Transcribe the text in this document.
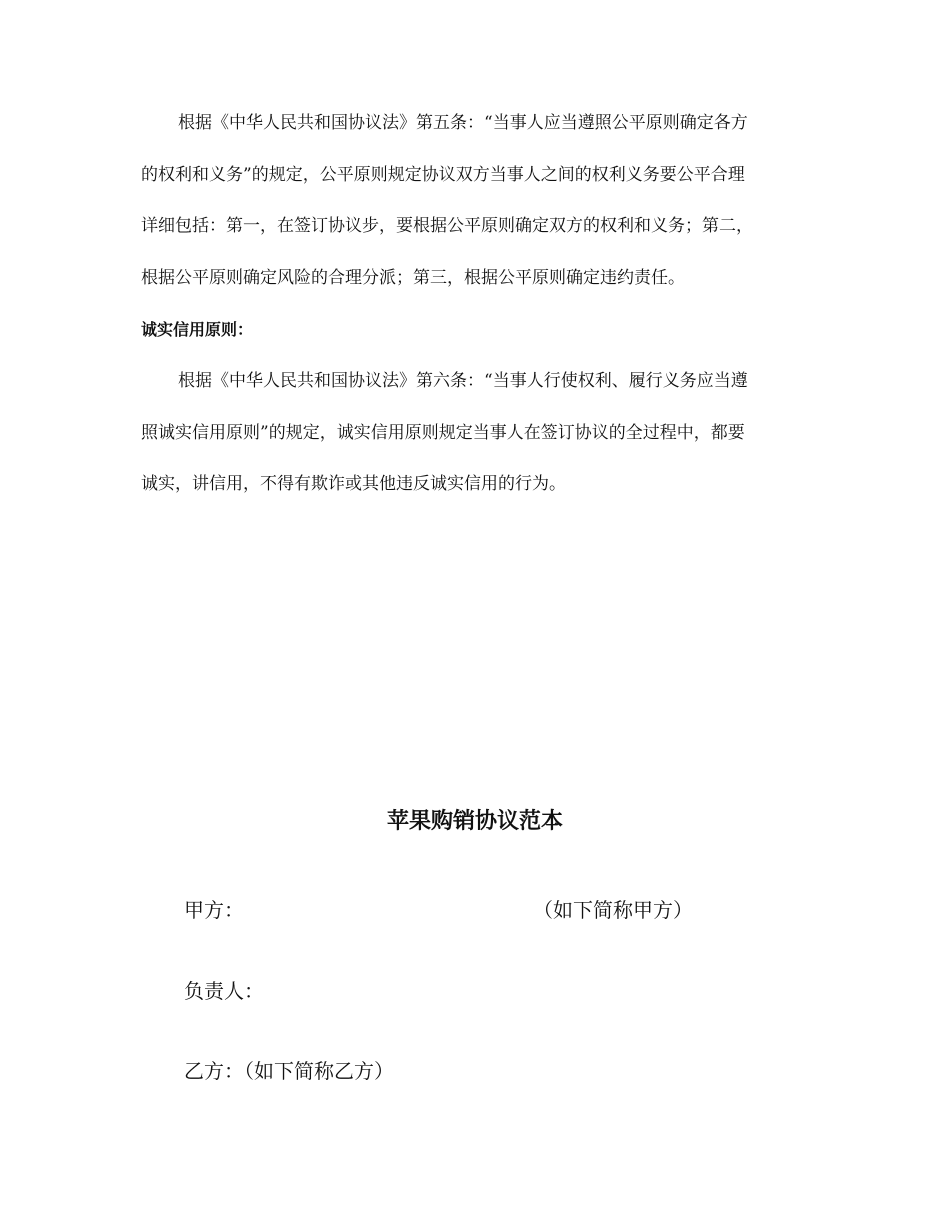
根据《中华人民共和国协议法》第五条：“当事人应当遵照公平原则确定各方
的权利和义务”的规定，公平原则规定协议双方当事人之间的权利义务要公平合理
详细包括：第一，在签订协议步，要根据公平原则确定双方的权利和义务；第二，
根据公平原则确定风险的合理分派；第三，根据公平原则确定违约责任。
诚实信用原则：
根据《中华人民共和国协议法》第六条：“当事人行使权利、履行义务应当遵
照诚实信用原则”的规定，诚实信用原则规定当事人在签订协议的全过程中，都要
诚实，讲信用，不得有欺诈或其他违反诚实信用的行为。
苹果购销协议范本
甲方：	（如下简称甲方）
负责人：
乙方：（如下简称乙方）
